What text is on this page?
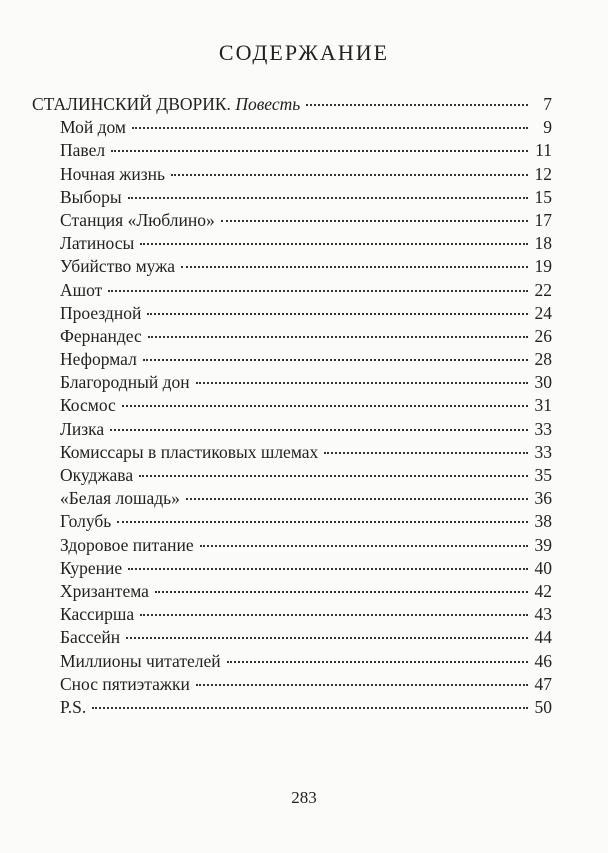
СОДЕРЖАНИЕ
СТАЛИНСКИЙ ДВОРИК. Повесть	7
Мой дом	9
Павел	11
Ночная жизнь	12
Выборы	15
Станция «Люблино»	17
Латиносы	18
Убийство мужа	19
Ашот	22
Проездной	24
Фернандес	26
Неформал	28
Благородный дон	30
Космос	31
Лизка	33
Комиссары в пластиковых шлемах	33
Окуджава	35
«Белая лошадь»	36
Голубь	38
Здоровое питание	39
Курение	40
Хризантема	42
Кассирша	43
Бассейн	44
Миллионы читателей	46
Снос пятиэтажки	47
P.S.	50
283
